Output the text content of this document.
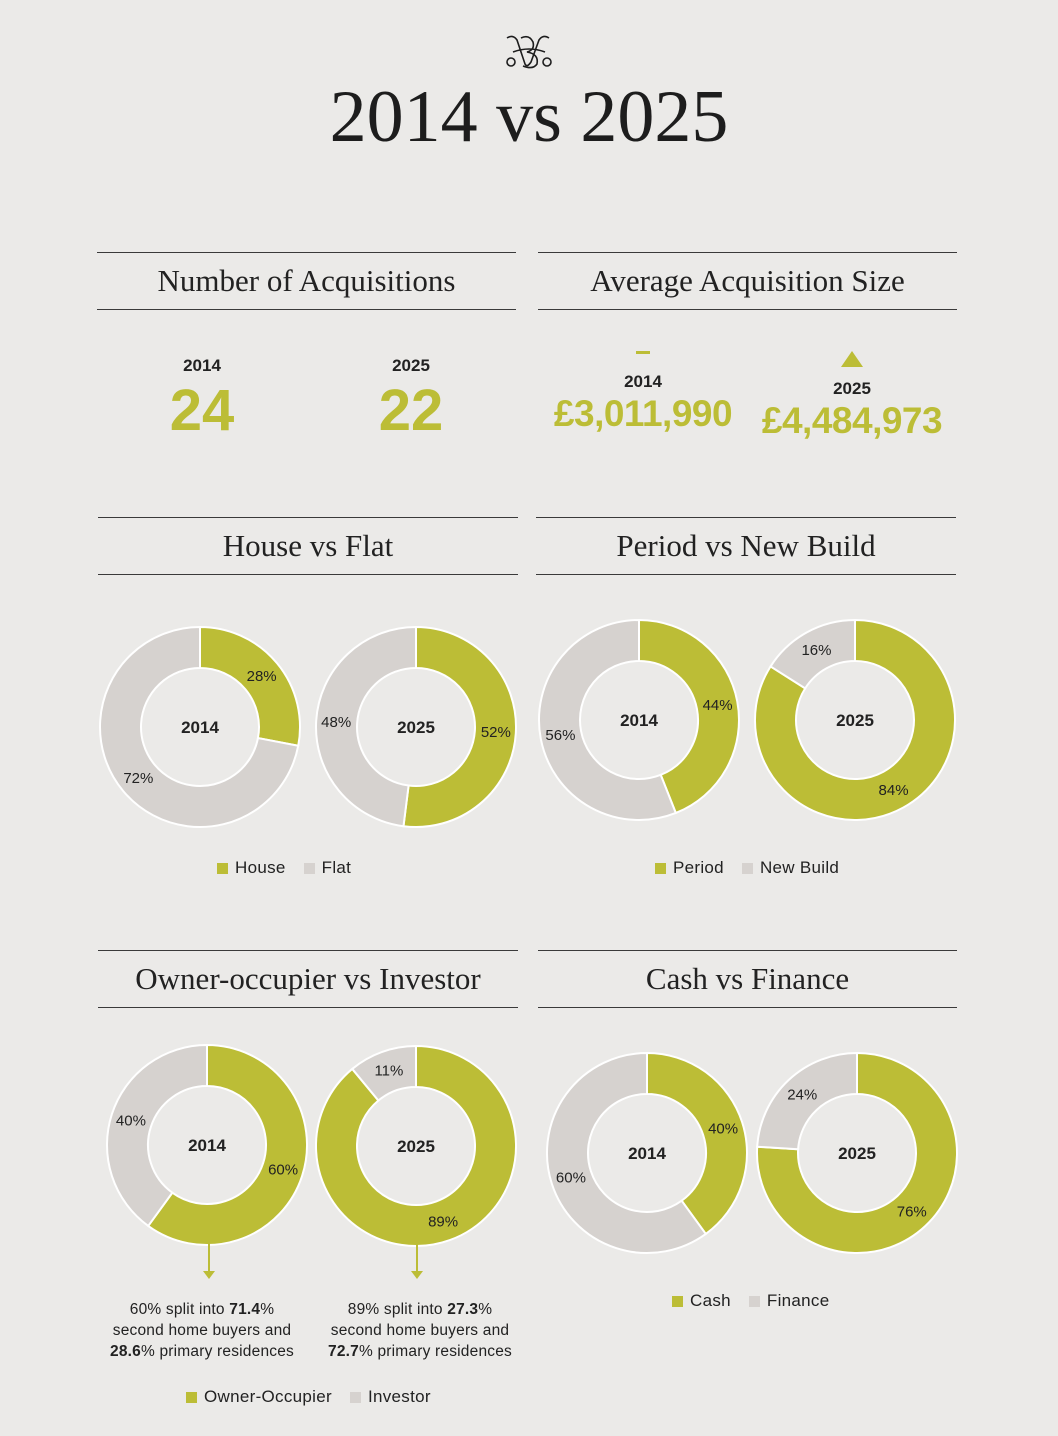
2014 vs 2025
Number of Acquisitions
2014
24
2025
22
Average Acquisition Size
2014
£3,011,990
2025
£4,484,973
House vs Flat	Period vs New Build
Owner-occupier vs Investor	Cash vs Finance
28%
72%
2014	52%
48%	2025
44%
56%
2014
84%
16%
2025
60%
40%
2014
89%
11%
2025
40%
60%
2014
76%
24%
2025
House Flat	Period New Build
Owner-Occupier Investor
Cash Finance
60% split into 71.4%
second home buyers and
28.6% primary residences
89% split into 27.3%
second home buyers and
72.7% primary residences
